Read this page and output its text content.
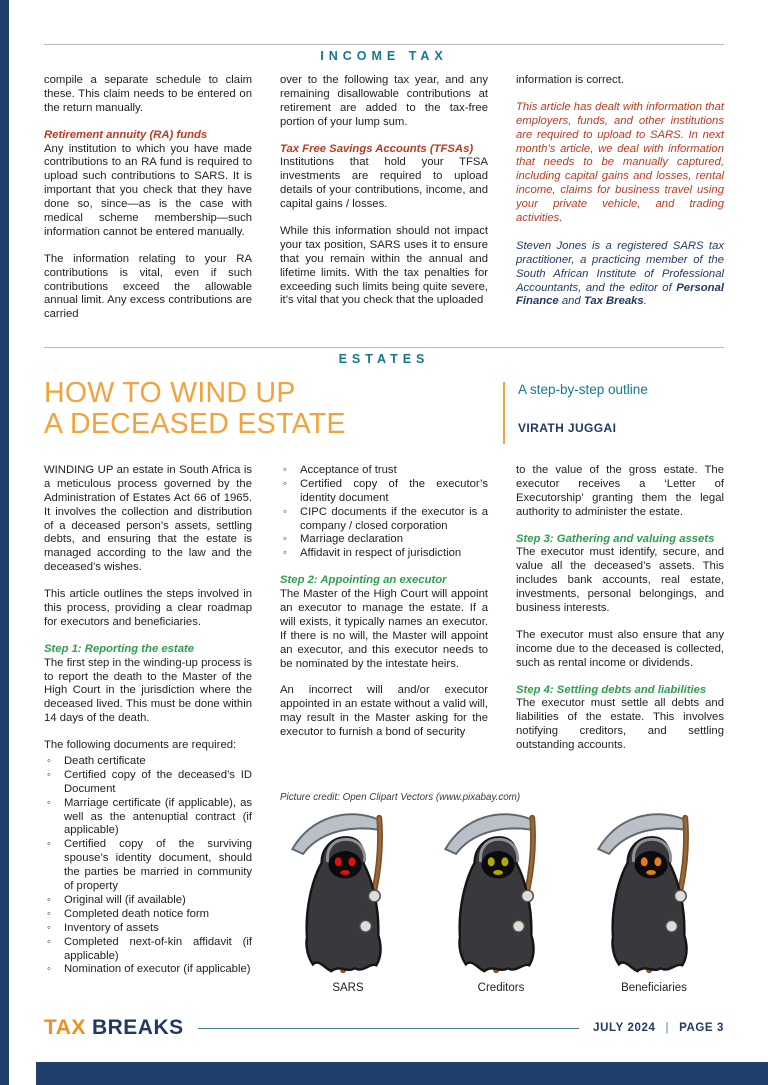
INCOME TAX

compile a separate schedule to claim these. This claim needs to be entered on the return manually.

Retirement annuity (RA) funds

Any institution to which you have made contributions to an RA fund is required to upload such contributions to SARS. It is important that you check that they have done so, since—as is the case with medical scheme membership—such information cannot be entered manually.

The information relating to your RA contributions is vital, even if such contributions exceed the allowable annual limit. Any excess contributions are carried

over to the following tax year, and any remaining disallowable contributions at retirement are added to the tax-free portion of your lump sum.

Tax Free Savings Accounts (TFSAs)

Institutions that hold your TFSA investments are required to upload details of your contributions, income, and capital gains / losses.

While this information should not impact your tax position, SARS uses it to ensure that you remain within the annual and lifetime limits. With the tax penalties for exceeding such limits being quite severe, it’s vital that you check that the uploaded

information is correct.

This article has dealt with information that employers, funds, and other institutions are required to upload to SARS. In next month’s article, we deal with information that needs to be manually captured, including capital gains and losses, rental income, claims for business travel using your private vehicle, and trading activities.

Steven Jones is a registered SARS tax practitioner, a practicing member of the South African Institute of Professional Accountants, and the editor of Personal Finance and Tax Breaks.

ESTATES
HOW TO WIND UP
A DECEASED ESTATE
A step-by-step outline
VIRATH JUGGAI

WINDING UP an estate in South Africa is a meticulous process governed by the Administration of Estates Act 66 of 1965. It involves the collection and distribution of a deceased person’s assets, settling debts, and ensuring that the estate is managed according to the law and the deceased’s wishes.

This article outlines the steps involved in this process, providing a clear roadmap for executors and beneficiaries.

Step 1: Reporting the estate

The first step in the winding-up process is to report the death to the Master of the High Court in the jurisdiction where the deceased lived. This must be done within 14 days of the death.

The following documents are required:

◦	Death certificate
◦	Certified copy of the deceased’s ID Document
◦	Marriage certificate (if applicable), as well as the antenuptial contract (if applicable)
◦	Certified copy of the surviving spouse’s identity document, should the parties be married in community of property
◦	Original will (if available)
◦	Completed death notice form
◦	Inventory of assets
◦	Completed next-of-kin affidavit (if applicable)
◦	Nomination of executor (if applicable)
◦	Acceptance of trust
◦	Certified copy of the executor’s identity document
◦	CIPC documents if the executor is a company / closed corporation
◦	Marriage declaration
◦	Affidavit in respect of jurisdiction

Step 2: Appointing an executor

The Master of the High Court will appoint an executor to manage the estate. If a will exists, it typically names an executor. If there is no will, the Master will appoint an executor, and this executor needs to be nominated by the intestate heirs.

An incorrect will and/or executor appointed in an estate without a valid will, may result in the Master asking for the executor to furnish a bond of security

to the value of the gross estate. The executor receives a ‘Letter of Executorship’ granting them the legal authority to administer the estate.

Step 3: Gathering and valuing assets

The executor must identify, secure, and value all the deceased’s assets. This includes bank accounts, real estate, investments, personal belongings, and business interests.

The executor must also ensure that any income due to the deceased is collected, such as rental income or dividends.

Step 4: Settling debts and liabilities

The executor must settle all debts and liabilities of the estate. This involves notifying creditors, and settling outstanding accounts.

Picture credit: Open Clipart Vectors (www.pixabay.com)
SARS	Creditors	Beneficiaries
TAX BREAKS	JULY 2024 | PAGE 3
